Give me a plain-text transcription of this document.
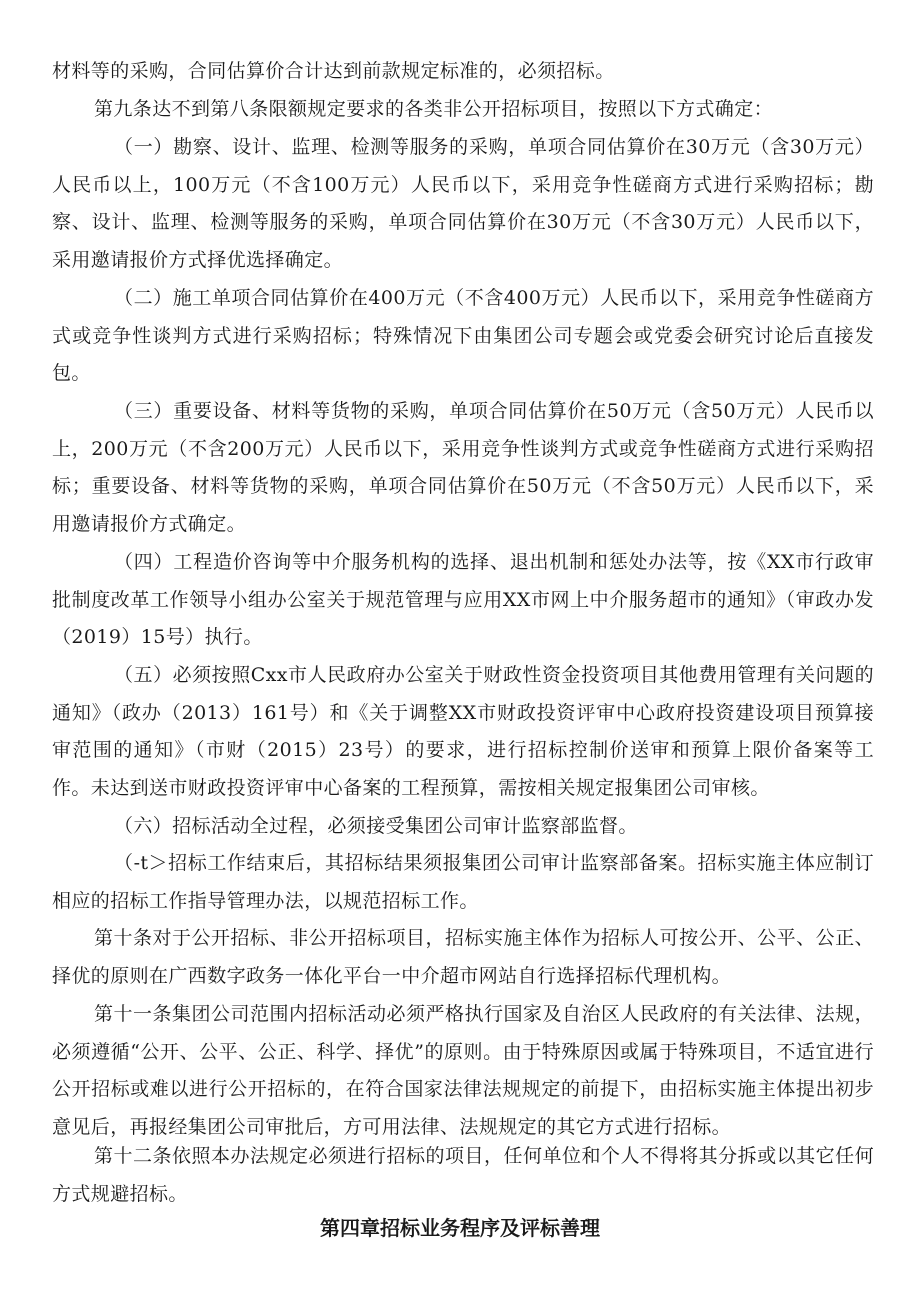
材料等的采购，合同估算价合计达到前款规定标准的，必须招标。

第九条达不到第八条限额规定要求的各类非公开招标项目，按照以下方式确定：

（一）勘察、设计、监理、检测等服务的采购，单项合同估算价在30万元（含30万元）人民币以上，100万元（不含100万元）人民币以下，采用竞争性磋商方式进行采购招标；勘察、设计、监理、检测等服务的采购，单项合同估算价在30万元（不含30万元）人民币以下，采用邀请报价方式择优选择确定。

（二）施工单项合同估算价在400万元（不含400万元）人民币以下，采用竞争性磋商方式或竞争性谈判方式进行采购招标；特殊情况下由集团公司专题会或党委会研究讨论后直接发包。

（三）重要设备、材料等货物的采购，单项合同估算价在50万元（含50万元）人民币以上，200万元（不含200万元）人民币以下，采用竞争性谈判方式或竞争性磋商方式进行采购招标；重要设备、材料等货物的采购，单项合同估算价在50万元（不含50万元）人民币以下，采用邀请报价方式确定。

（四）工程造价咨询等中介服务机构的选择、退出机制和惩处办法等，按《XX市行政审批制度改革工作领导小组办公室关于规范管理与应用XX市网上中介服务超市的通知》（审政办发（2019）15号）执行。

（五）必须按照Cxx市人民政府办公室关于财政性资金投资项目其他费用管理有关问题的通知》（政办（2013）161号）和《关于调整XX市财政投资评审中心政府投资建设项目预算接审范围的通知》（市财（2015）23号）的要求，进行招标控制价送审和预算上限价备案等工作。未达到送市财政投资评审中心备案的工程预算，需按相关规定报集团公司审核。

（六）招标活动全过程，必须接受集团公司审计监察部监督。

（-t＞招标工作结束后，其招标结果须报集团公司审计监察部备案。招标实施主体应制订相应的招标工作指导管理办法，以规范招标工作。

第十条对于公开招标、非公开招标项目，招标实施主体作为招标人可按公开、公平、公正、择优的原则在广西数字政务一体化平台一中介超市网站自行选择招标代理机构。

第十一条集团公司范围内招标活动必须严格执行国家及自治区人民政府的有关法律、法规，必须遵循“公开、公平、公正、科学、择优”的原则。由于特殊原因或属于特殊项目，不适宜进行公开招标或难以进行公开招标的，在符合国家法律法规规定的前提下，由招标实施主体提出初步意见后，再报经集团公司审批后，方可用法律、法规规定的其它方式进行招标。

第十二条依照本办法规定必须进行招标的项目，任何单位和个人不得将其分拆或以其它任何方式规避招标。

第四章招标业务程序及评标善理
